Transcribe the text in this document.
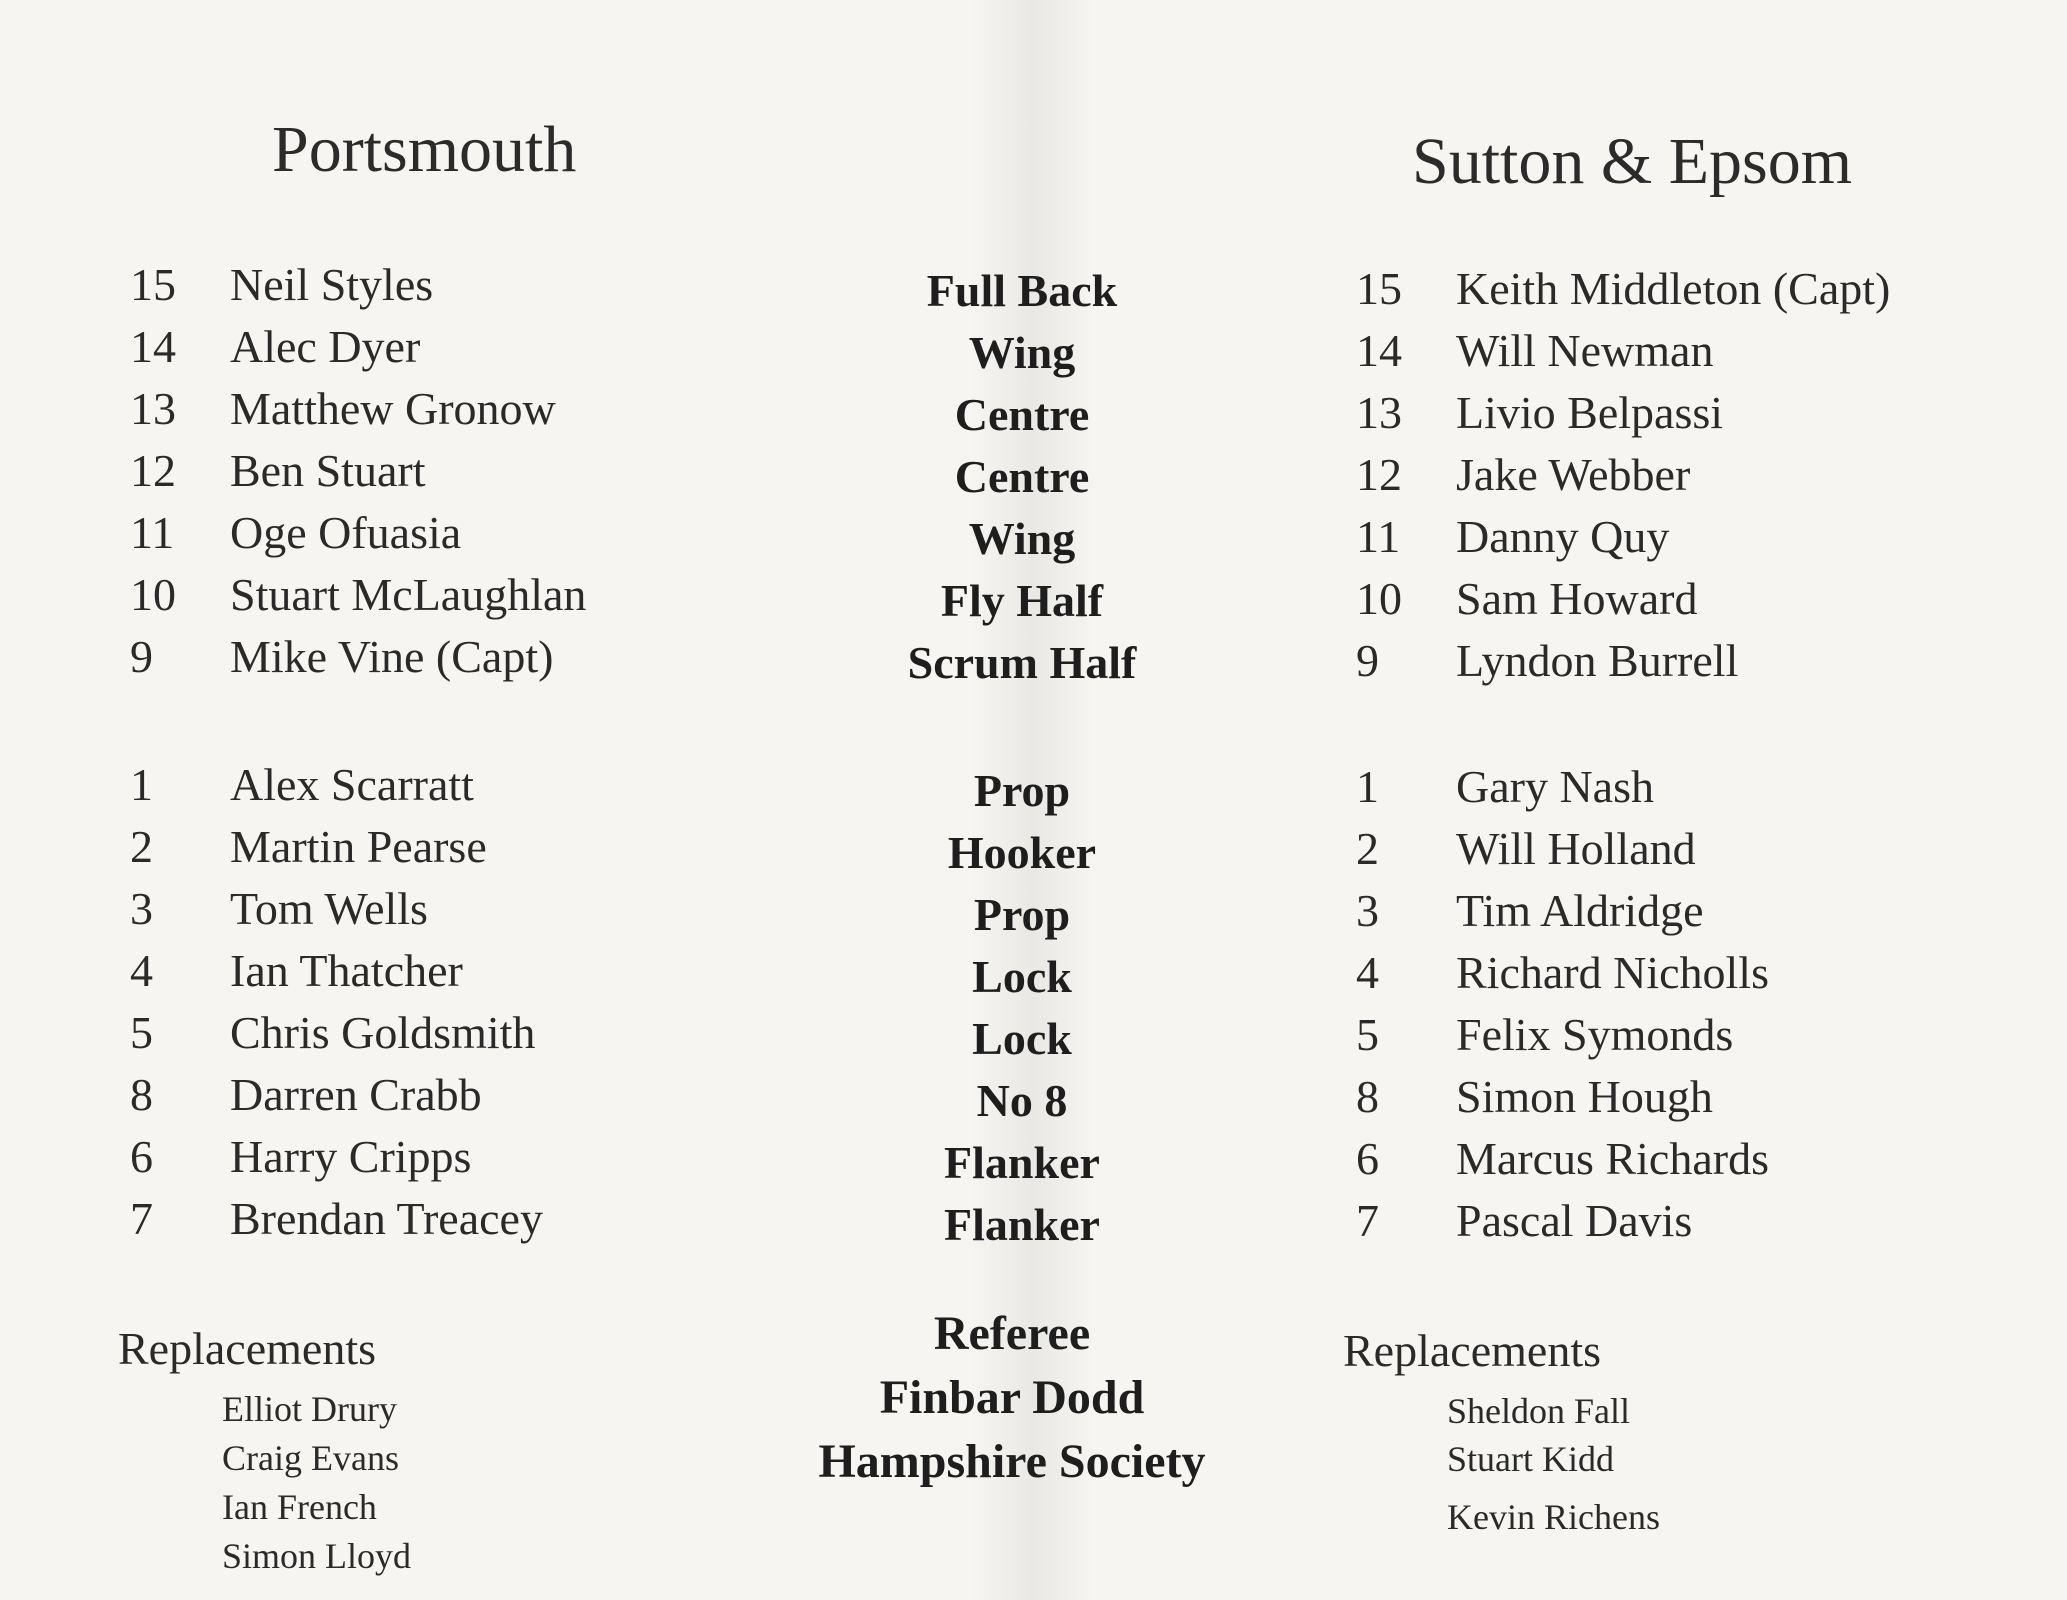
Portsmouth	Sutton & Epsom
15 Neil Styles
14 Alec Dyer
13 Matthew Gronow
12 Ben Stuart
11 Oge Ofuasia
10 Stuart McLaughlan
9 Mike Vine (Capt)
1 Alex Scarratt
2 Martin Pearse
3 Tom Wells
4 Ian Thatcher
5 Chris Goldsmith
8 Darren Crabb
6 Harry Cripps
7 Brendan Treacey
Replacements
Elliot Drury
Craig Evans
Ian French
Simon Lloyd
Full Back
Wing
Centre
Centre
Wing
Fly Half
Scrum Half
Prop
Hooker
Prop
Lock
Lock
No 8
Flanker
Flanker
Referee
Finbar Dodd
Hampshire Society
15 Keith Middleton (Capt)
14 Will Newman
13 Livio Belpassi
12 Jake Webber
11 Danny Quy
10 Sam Howard
9 Lyndon Burrell
1 Gary Nash
2 Will Holland
3 Tim Aldridge
4 Richard Nicholls
5 Felix Symonds
8 Simon Hough
6 Marcus Richards
7 Pascal Davis
Replacements
Sheldon Fall
Stuart Kidd
Kevin Richens
